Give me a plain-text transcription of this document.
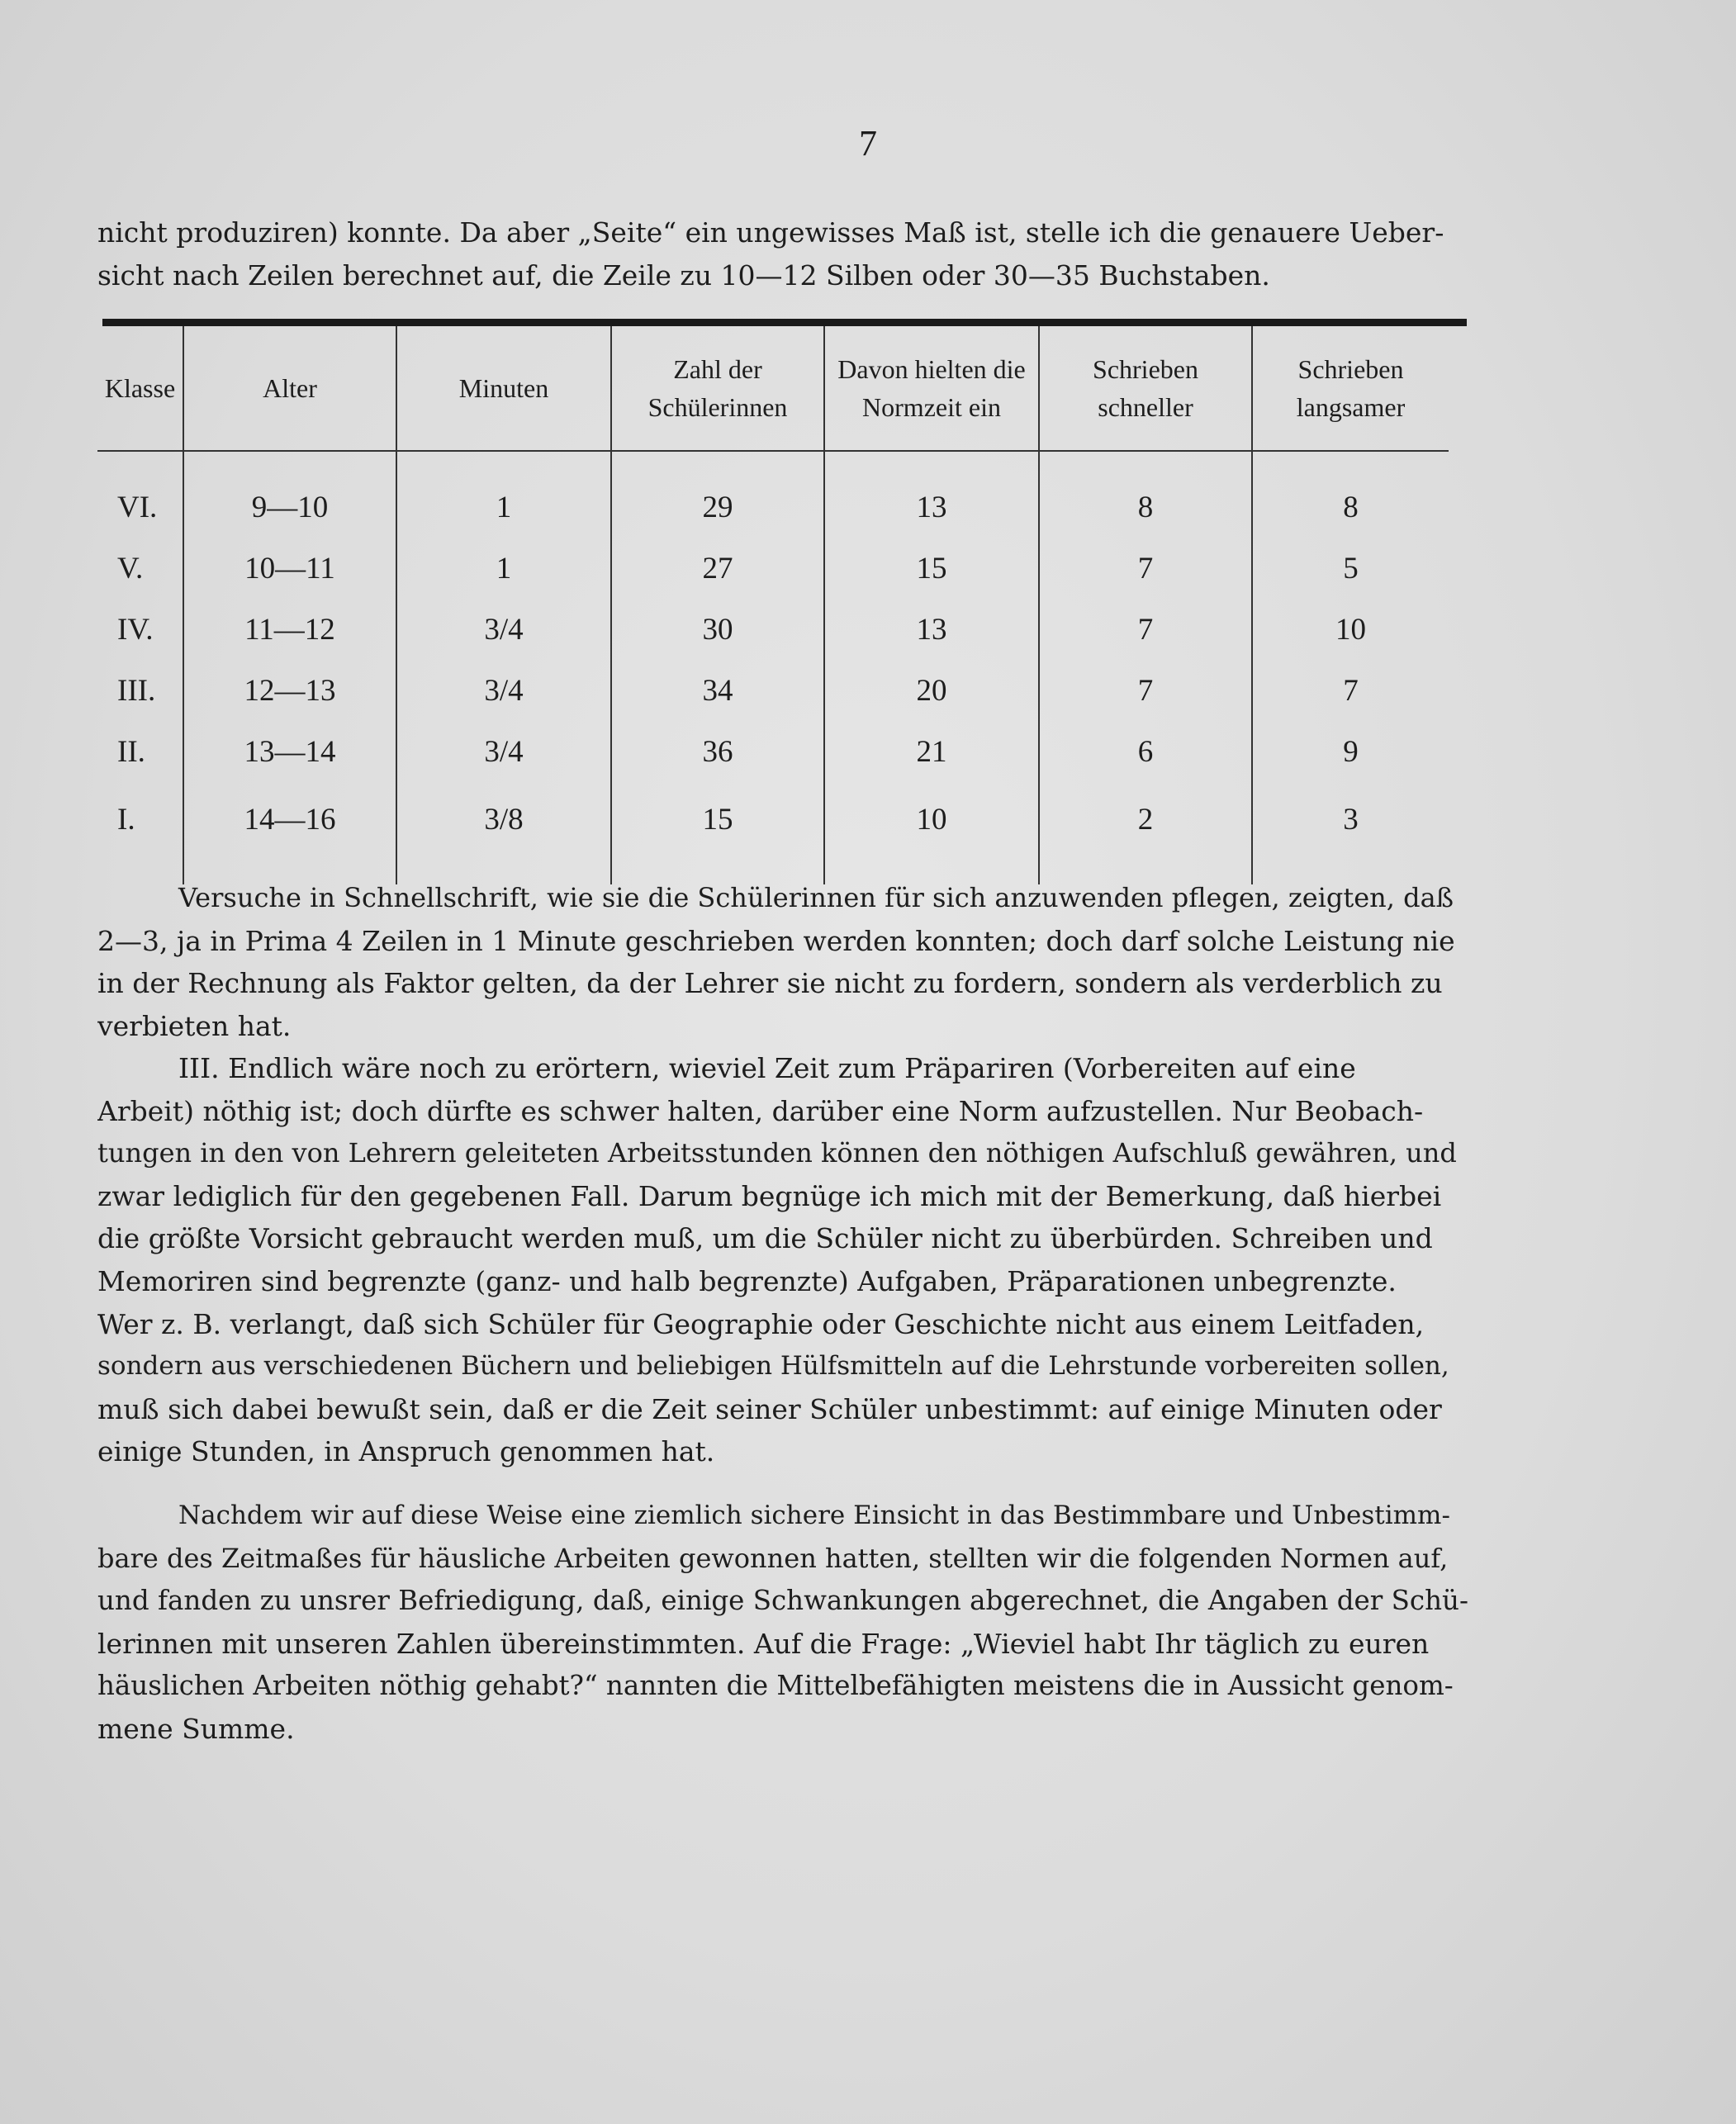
7
nicht produziren) konnte. Da aber „Seite“ ein ungewisses Maß ist, stelle ich die genauere Ueber-
sicht nach Zeilen berechnet auf, die Zeile zu 10—12 Silben oder 30—35 Buchstaben.
Klasse	Alter	Minuten	Zahl der Schülerinnen	Davon hielten die Normzeit ein	Schrieben schneller	Schrieben langsamer
VI.	9—10	1	29	13	8	8
V.	10—11	1	27	15	7	5
IV.	11—12	3/4	30	13	7	10
III.	12—13	3/4	34	20	7	7
II.	13—14	3/4	36	21	6	9
I.	14—16	3/8	15	10	2	3
Versuche in Schnellschrift, wie sie die Schülerinnen für sich anzuwenden pflegen, zeigten, daß
2—3, ja in Prima 4 Zeilen in 1 Minute geschrieben werden konnten; doch darf solche Leistung nie
in der Rechnung als Faktor gelten, da der Lehrer sie nicht zu fordern, sondern als verderblich zu
verbieten hat.
III. Endlich wäre noch zu erörtern, wieviel Zeit zum Präpariren (Vorbereiten auf eine
Arbeit) nöthig ist; doch dürfte es schwer halten, darüber eine Norm aufzustellen. Nur Beobach-
tungen in den von Lehrern geleiteten Arbeitsstunden können den nöthigen Aufschluß gewähren, und
zwar lediglich für den gegebenen Fall. Darum begnüge ich mich mit der Bemerkung, daß hierbei
die größte Vorsicht gebraucht werden muß, um die Schüler nicht zu überbürden. Schreiben und
Memoriren sind begrenzte (ganz- und halb begrenzte) Aufgaben, Präparationen unbegrenzte.
Wer z. B. verlangt, daß sich Schüler für Geographie oder Geschichte nicht aus einem Leitfaden,
sondern aus verschiedenen Büchern und beliebigen Hülfsmitteln auf die Lehrstunde vorbereiten sollen,
muß sich dabei bewußt sein, daß er die Zeit seiner Schüler unbestimmt: auf einige Minuten oder
einige Stunden, in Anspruch genommen hat.
Nachdem wir auf diese Weise eine ziemlich sichere Einsicht in das Bestimmbare und Unbestimm-
bare des Zeitmaßes für häusliche Arbeiten gewonnen hatten, stellten wir die folgenden Normen auf,
und fanden zu unsrer Befriedigung, daß, einige Schwankungen abgerechnet, die Angaben der Schü-
lerinnen mit unseren Zahlen übereinstimmten. Auf die Frage: „Wieviel habt Ihr täglich zu euren
häuslichen Arbeiten nöthig gehabt?“ nannten die Mittelbefähigten meistens die in Aussicht genom-
mene Summe.
